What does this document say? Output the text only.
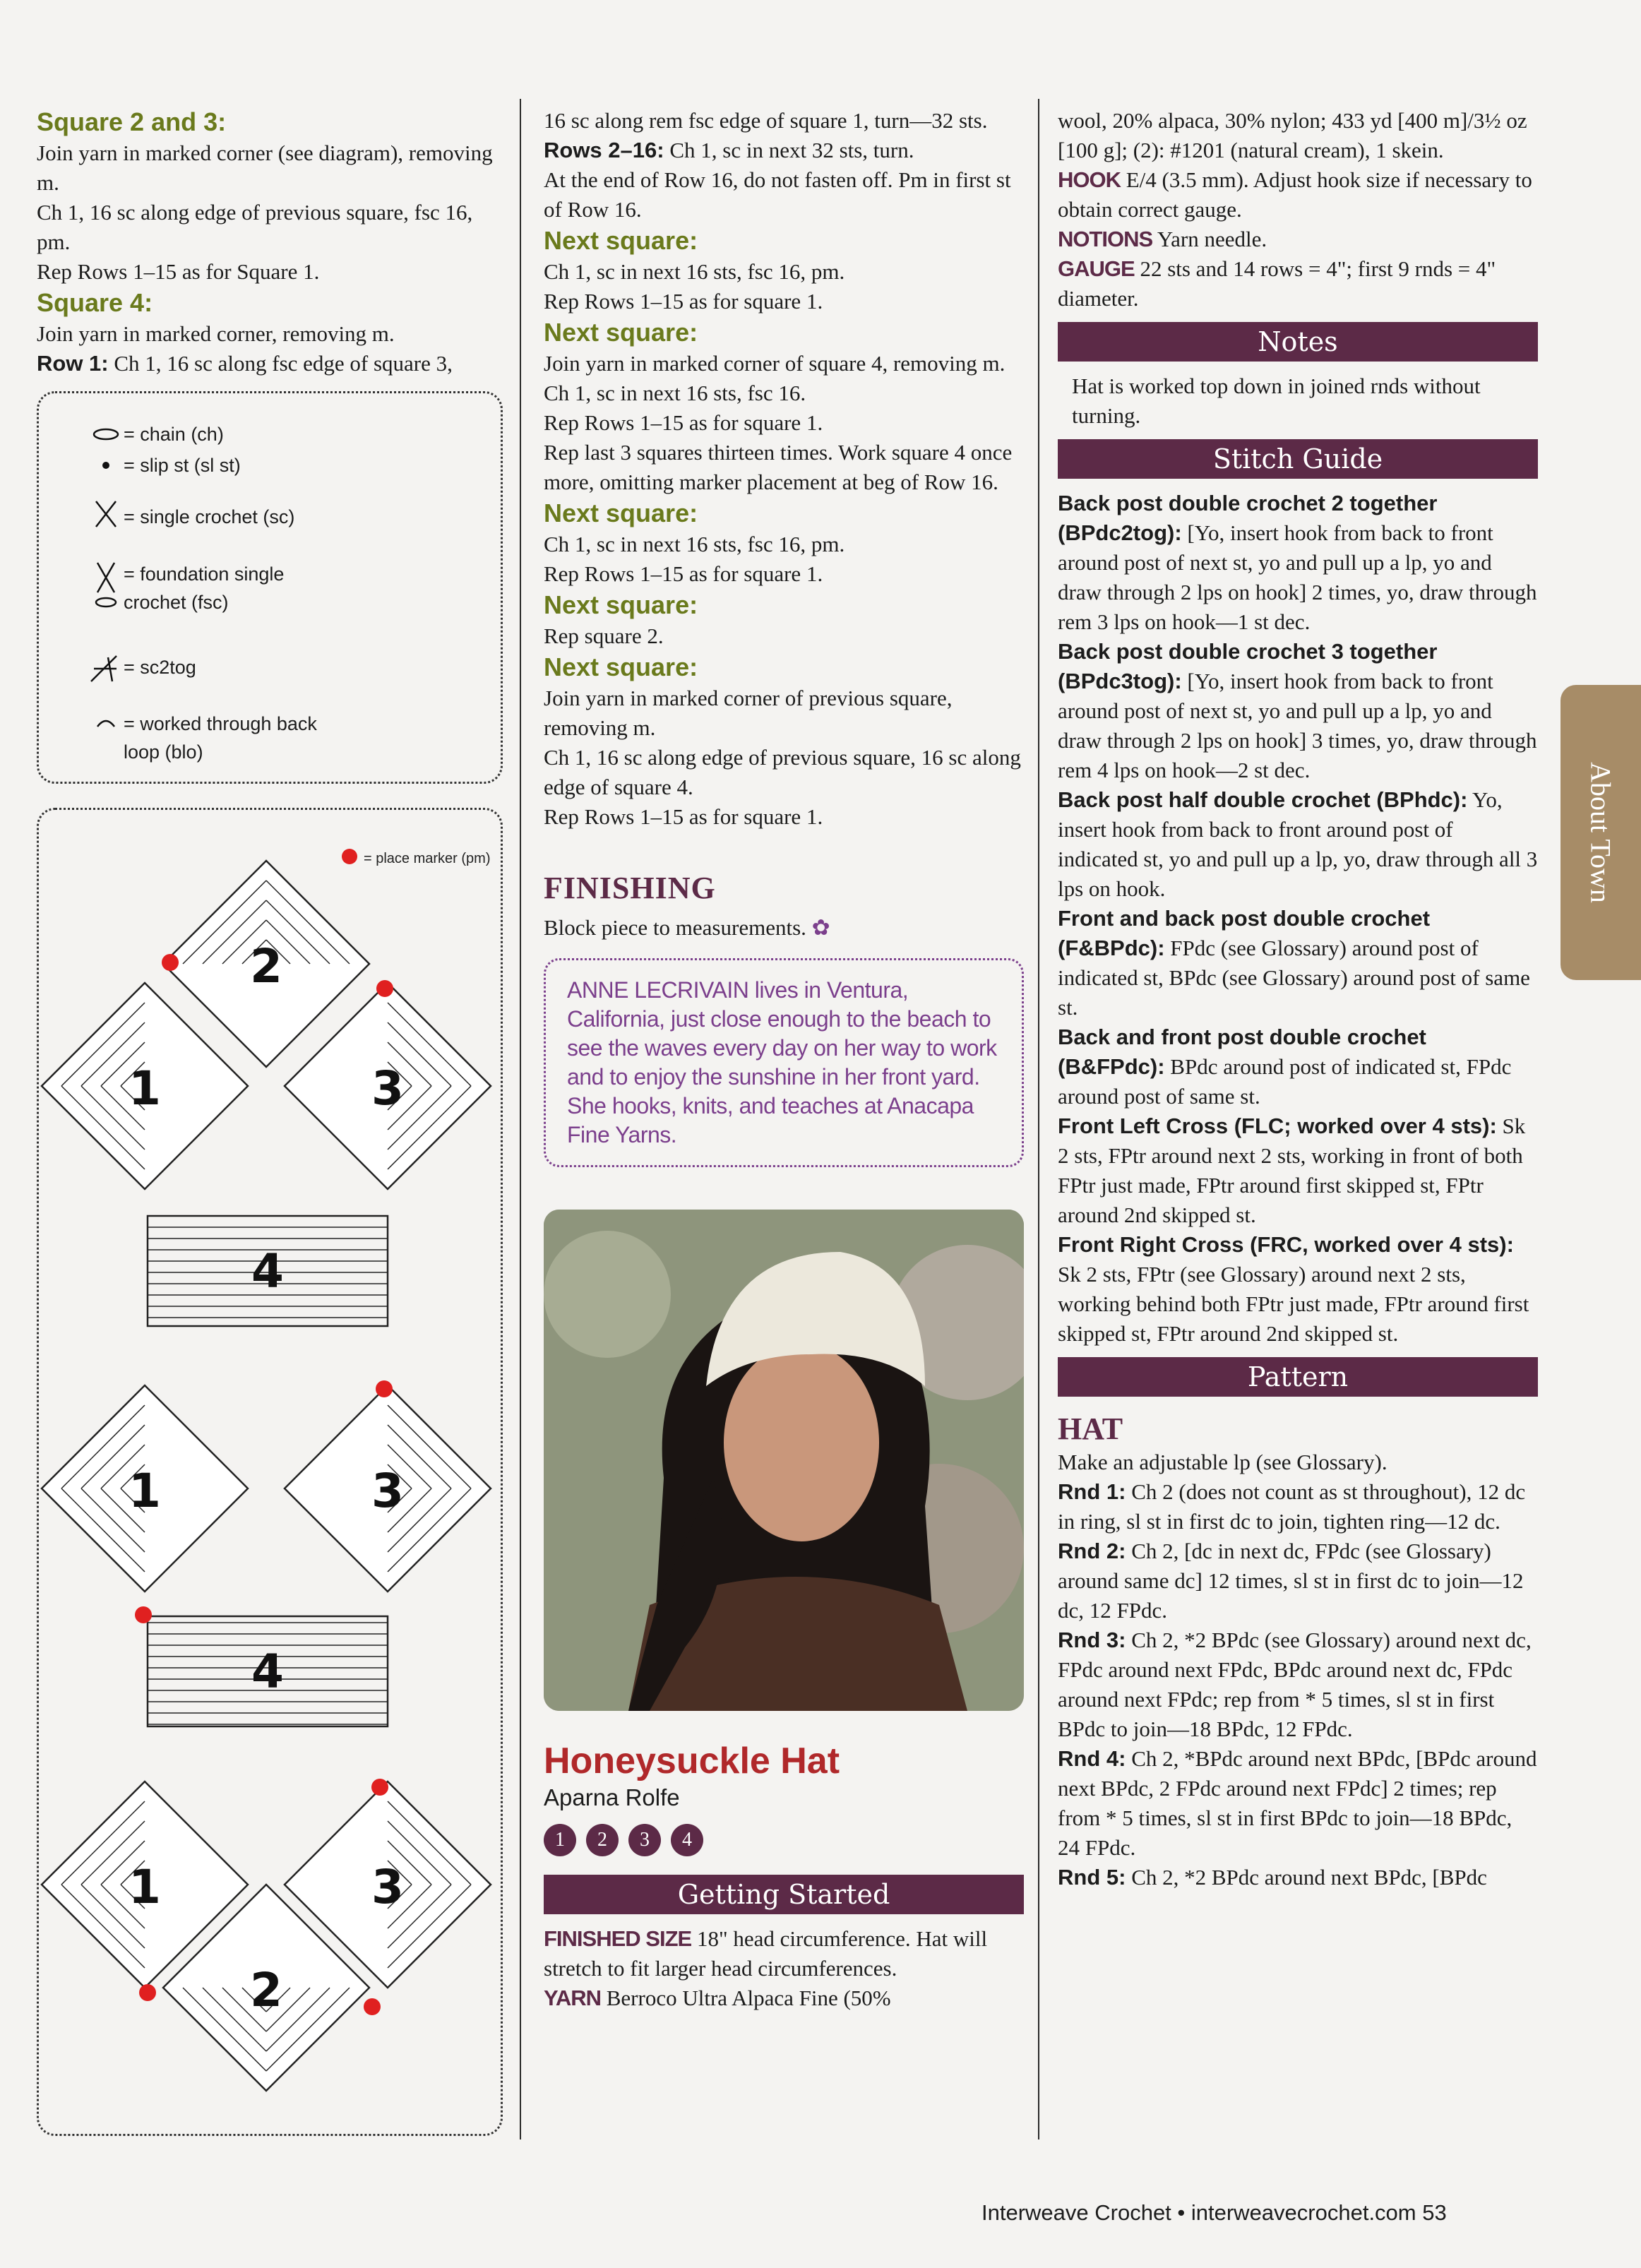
Square 2 and 3:

Join yarn in marked corner (see diagram), removing m.

Ch 1, 16 sc along edge of previous square, fsc 16, pm.

Rep Rows 1–15 as for Square 1.

Square 4:

Join yarn in marked corner, removing m.

Row 1: Ch 1, 16 sc along fsc edge of square 3,

= chain (ch)
= slip st (sl st)
= single crochet (sc)
= foundation single crochet (fsc)
= sc2tog
= worked through back loop (blo)
2
1	3
4
1	3
4
1	3
2
= place marker (pm)

16 sc along rem fsc edge of square 1, turn—32 sts.

Rows 2–16: Ch 1, sc in next 32 sts, turn.

At the end of Row 16, do not fasten off. Pm in first st of Row 16.

Next square:

Ch 1, sc in next 16 sts, fsc 16, pm.

Rep Rows 1–15 as for square 1.

Next square:

Join yarn in marked corner of square 4, removing m.

Ch 1, sc in next 16 sts, fsc 16.

Rep Rows 1–15 as for square 1.

Rep last 3 squares thirteen times. Work square 4 once more, omitting marker placement at beg of Row 16.

Next square:

Ch 1, sc in next 16 sts, fsc 16, pm.

Rep Rows 1–15 as for square 1.

Next square:

Rep square 2.

Next square:

Join yarn in marked corner of previous square, removing m.

Ch 1, 16 sc along edge of previous square, 16 sc along edge of square 4.

Rep Rows 1–15 as for square 1.

FINISHING

Block piece to measurements. ✿

ANNE LECRIVAIN lives in Ventura, California, just close enough to the beach to see the waves every day on her way to work and to enjoy the sunshine in her front yard. She hooks, knits, and teaches at Anacapa Fine Yarns.
Honeysuckle Hat
Aparna Rolfe
1 2 3 4
Getting Started

FINISHED SIZE 18" head circumference. Hat will stretch to fit larger head circumferences.

YARN Berroco Ultra Alpaca Fine (50%

wool, 20% alpaca, 30% nylon; 433 yd [400 m]/3½ oz [100 g]; (2): #1201 (natural cream), 1 skein.

HOOK E/4 (3.5 mm). Adjust hook size if necessary to obtain correct gauge.

NOTIONS Yarn needle.

GAUGE 22 sts and 14 rows = 4"; first 9 rnds = 4" diameter.

Notes

Hat is worked top down in joined rnds without turning.

Stitch Guide

Back post double crochet 2 together (BPdc2tog): [Yo, insert hook from back to front around post of next st, yo and pull up a lp, yo and draw through 2 lps on hook] 2 times, yo, draw through rem 3 lps on hook—1 st dec.

Back post double crochet 3 together (BPdc3tog): [Yo, insert hook from back to front around post of next st, yo and pull up a lp, yo and draw through 2 lps on hook] 3 times, yo, draw through rem 4 lps on hook—2 st dec.

Back post half double crochet (BPhdc): Yo, insert hook from back to front around post of indicated st, yo and pull up a lp, yo, draw through all 3 lps on hook.

Front and back post double crochet (F&BPdc): FPdc (see Glossary) around post of indicated st, BPdc (see Glossary) around post of same st.

Back and front post double crochet (B&FPdc): BPdc around post of indicated st, FPdc around post of same st.

Front Left Cross (FLC; worked over 4 sts): Sk 2 sts, FPtr around next 2 sts, working in front of both FPtr just made, FPtr around first skipped st, FPtr around 2nd skipped st.

Front Right Cross (FRC, worked over 4 sts): Sk 2 sts, FPtr (see Glossary) around next 2 sts, working behind both FPtr just made, FPtr around first skipped st, FPtr around 2nd skipped st.

Pattern
HAT

Make an adjustable lp (see Glossary).

Rnd 1: Ch 2 (does not count as st throughout), 12 dc in ring, sl st in first dc to join, tighten ring—12 dc.

Rnd 2: Ch 2, [dc in next dc, FPdc (see Glossary) around same dc] 12 times, sl st in first dc to join—12 dc, 12 FPdc.

Rnd 3: Ch 2, *2 BPdc (see Glossary) around next dc, FPdc around next FPdc, BPdc around next dc, FPdc around next FPdc; rep from * 5 times, sl st in first BPdc to join—18 BPdc, 12 FPdc.

Rnd 4: Ch 2, *BPdc around next BPdc, [BPdc around next BPdc, 2 FPdc around next FPdc] 2 times; rep from * 5 times, sl st in first BPdc to join—18 BPdc, 24 FPdc.

Rnd 5: Ch 2, *2 BPdc around next BPdc, [BPdc

About Town
Interweave Crochet • interweavecrochet.com 53
